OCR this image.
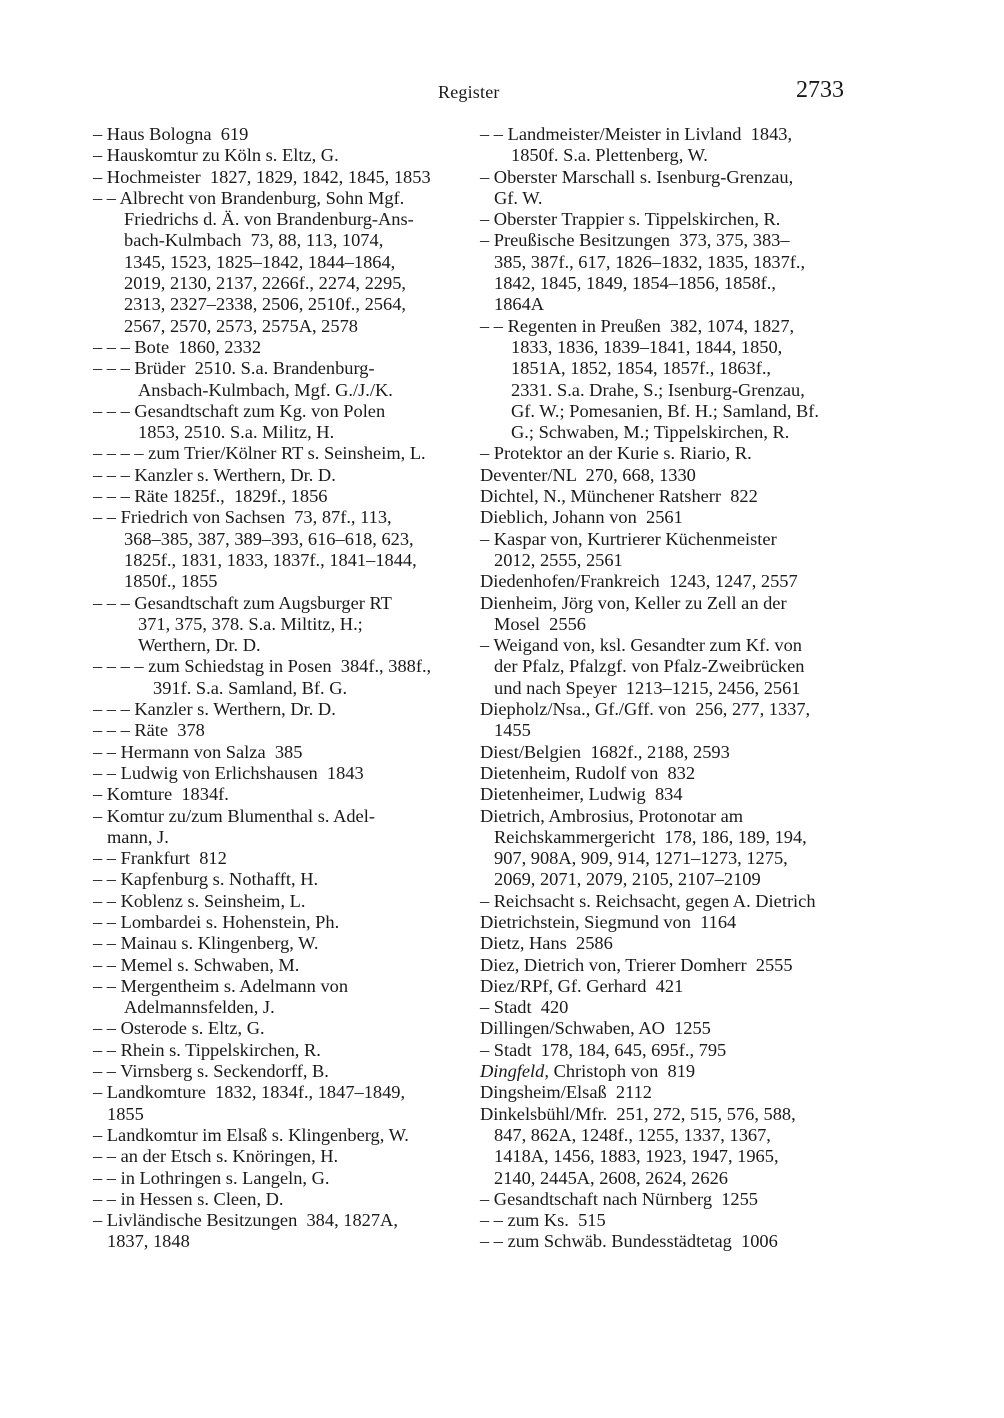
Register	2733
– Haus Bologna  619
– Hauskomtur zu Köln s. Eltz, G.
– Hochmeister  1827, 1829, 1842, 1845, 1853
– – Albrecht von Brandenburg, Sohn Mgf.
Friedrichs d. Ä. von Brandenburg-Ans-
bach-Kulmbach  73, 88, 113, 1074,
1345, 1523, 1825–1842, 1844–1864,
2019, 2130, 2137, 2266f., 2274, 2295,
2313, 2327–2338, 2506, 2510f., 2564,
2567, 2570, 2573, 2575A, 2578
– – – Bote  1860, 2332
– – – Brüder  2510. S.a. Brandenburg-
Ansbach-Kulmbach, Mgf. G./J./K.
– – – Gesandtschaft zum Kg. von Polen
1853, 2510. S.a. Militz, H.
– – – – zum Trier/Kölner RT s. Seinsheim, L.
– – – Kanzler s. Werthern, Dr. D.
– – – Räte 1825f.,  1829f., 1856
– – Friedrich von Sachsen  73, 87f., 113,
368–385, 387, 389–393, 616–618, 623,
1825f., 1831, 1833, 1837f., 1841–1844,
1850f., 1855
– – – Gesandtschaft zum Augsburger RT
371, 375, 378. S.a. Miltitz, H.;
Werthern, Dr. D.
– – – – zum Schiedstag in Posen  384f., 388f.,
391f. S.a. Samland, Bf. G.
– – – Kanzler s. Werthern, Dr. D.
– – – Räte  378
– – Hermann von Salza  385
– – Ludwig von Erlichshausen  1843
– Komture  1834f.
– Komtur zu/zum Blumenthal s. Adel-
mann, J.
– – Frankfurt  812
– – Kapfenburg s. Nothafft, H.
– – Koblenz s. Seinsheim, L.
– – Lombardei s. Hohenstein, Ph.
– – Mainau s. Klingenberg, W.
– – Memel s. Schwaben, M.
– – Mergentheim s. Adelmann von
Adelmannsfelden, J.
– – Osterode s. Eltz, G.
– – Rhein s. Tippelskirchen, R.
– – Virnsberg s. Seckendorff, B.
– Landkomture  1832, 1834f., 1847–1849,
1855
– Landkomtur im Elsaß s. Klingenberg, W.
– – an der Etsch s. Knöringen, H.
– – in Lothringen s. Langeln, G.
– – in Hessen s. Cleen, D.
– Livländische Besitzungen  384, 1827A,
1837, 1848
– – Landmeister/Meister in Livland  1843,
1850f. S.a. Plettenberg, W.
– Oberster Marschall s. Isenburg-Grenzau,
Gf. W.
– Oberster Trappier s. Tippelskirchen, R.
– Preußische Besitzungen  373, 375, 383–
385, 387f., 617, 1826–1832, 1835, 1837f.,
1842, 1845, 1849, 1854–1856, 1858f.,
1864A
– – Regenten in Preußen  382, 1074, 1827,
1833, 1836, 1839–1841, 1844, 1850,
1851A, 1852, 1854, 1857f., 1863f.,
2331. S.a. Drahe, S.; Isenburg-Grenzau,
Gf. W.; Pomesanien, Bf. H.; Samland, Bf.
G.; Schwaben, M.; Tippelskirchen, R.
– Protektor an der Kurie s. Riario, R.
Deventer/NL  270, 668, 1330
Dichtel, N., Münchener Ratsherr  822
Dieblich, Johann von  2561
– Kaspar von, Kurtrierer Küchenmeister
2012, 2555, 2561
Diedenhofen/Frankreich  1243, 1247, 2557
Dienheim, Jörg von, Keller zu Zell an der
Mosel  2556
– Weigand von, ksl. Gesandter zum Kf. von
der Pfalz, Pfalzgf. von Pfalz-Zweibrücken
und nach Speyer  1213–1215, 2456, 2561
Diepholz/Nsa., Gf./Gff. von  256, 277, 1337,
1455
Diest/Belgien  1682f., 2188, 2593
Dietenheim, Rudolf von  832
Dietenheimer, Ludwig  834
Dietrich, Ambrosius, Protonotar am
Reichskammergericht  178, 186, 189, 194,
907, 908A, 909, 914, 1271–1273, 1275,
2069, 2071, 2079, 2105, 2107–2109
– Reichsacht s. Reichsacht, gegen A. Dietrich
Dietrichstein, Siegmund von  1164
Dietz, Hans  2586
Diez, Dietrich von, Trierer Domherr  2555
Diez/RPf, Gf. Gerhard  421
– Stadt  420
Dillingen/Schwaben, AO  1255
– Stadt  178, 184, 645, 695f., 795
Dingfeld, Christoph von  819
Dingsheim/Elsaß  2112
Dinkelsbühl/Mfr.  251, 272, 515, 576, 588,
847, 862A, 1248f., 1255, 1337, 1367,
1418A, 1456, 1883, 1923, 1947, 1965,
2140, 2445A, 2608, 2624, 2626
– Gesandtschaft nach Nürnberg  1255
– – zum Ks.  515
– – zum Schwäb. Bundesstädtetag  1006
